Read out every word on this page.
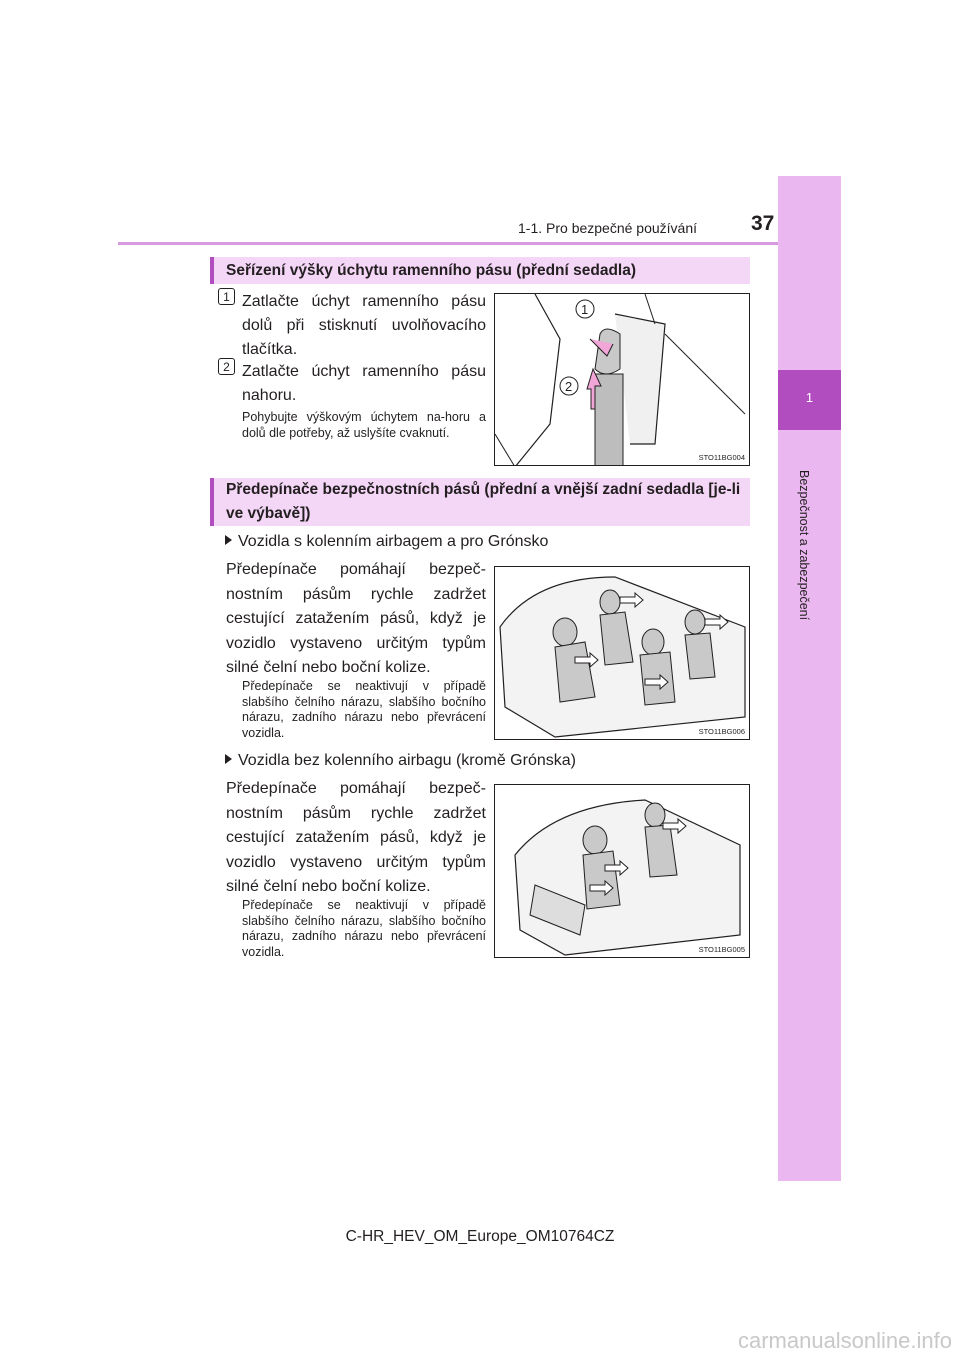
1-1. Pro bezpečné používání	37
1
Bezpečnost a zabezpečení
Seřízení výšky úchytu ramenního pásu (přední sedadla)
1 Zatlačte úchyt ramenního pásu dolů při stisknutí uvolňovacího tlačítka.
2 Zatlačte úchyt ramenního pásu nahoru.
Pohybujte výškovým úchytem na-horu a dolů dle potřeby, až uslyšíte cvaknutí.
1
2
STO11BG004
Předepínače bezpečnostních pásů (přední a vnější zadní sedadla [je-li ve výbavě])
Vozidla s kolenním airbagem a pro Grónsko
Předepínače pomáhají bezpeč-nostním pásům rychle zadržet cestující zatažením pásů, když je vozidlo vystaveno určitým typům silné čelní nebo boční kolize.
Předepínače se neaktivují v případě slabšího čelního nárazu, slabšího bočního nárazu, zadního nárazu nebo převrácení vozidla.	STO11BG006
Vozidla bez kolenního airbagu (kromě Grónska)
Předepínače pomáhají bezpeč-nostním pásům rychle zadržet cestující zatažením pásů, když je vozidlo vystaveno určitým typům silné čelní nebo boční kolize.
Předepínače se neaktivují v případě slabšího čelního nárazu, slabšího bočního nárazu, zadního nárazu nebo převrácení vozidla.	STO11BG005
C-HR_HEV_OM_Europe_OM10764CZ
carmanualsonline.info
